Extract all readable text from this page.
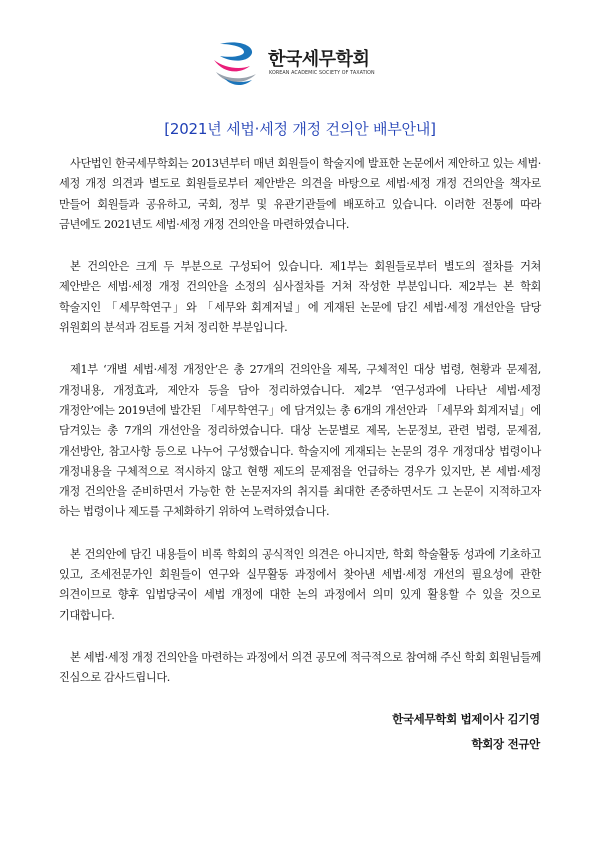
한국세무학회
KOREAN ACADEMIC SOCIETY OF TAXATION
[2021년 세법·세정 개정 건의안 배부안내]

사단법인 한국세무학회는 2013년부터 매년 회원들이 학술지에 발표한 논문에서 제안하고 있는 세법·세정 개정 의견과 별도로 회원들로부터 제안받은 의견을 바탕으로 세법·세정 개정 건의안을 책자로 만들어 회원들과 공유하고, 국회, 정부 및 유관기관들에 배포하고 있습니다. 이러한 전통에 따라 금년에도 2021년도 세법·세정 개정 건의안을 마련하였습니다.

본 건의안은 크게 두 부분으로 구성되어 있습니다. 제1부는 회원들로부터 별도의 절차를 거쳐 제안받은 세법·세정 개정 건의안을 소정의 심사절차를 거쳐 작성한 부분입니다. 제2부는 본 학회 학술지인 「세무학연구」와 「세무와 회계저널」에 게재된 논문에 담긴 세법·세정 개선안을 담당 위원회의 분석과 검토를 거쳐 정리한 부분입니다.

제1부 ‘개별 세법·세정 개정안’은 총 27개의 건의안을 제목, 구체적인 대상 법령, 현황과 문제점, 개정내용, 개정효과, 제안자 등을 담아 정리하였습니다. 제2부 ‘연구성과에 나타난 세법·세정 개정안’에는 2019년에 발간된 「세무학연구」에 담겨있는 총 6개의 개선안과 「세무와 회계저널」에 담겨있는 총 7개의 개선안을 정리하였습니다. 대상 논문별로 제목, 논문정보, 관련 법령, 문제점, 개선방안, 참고사항 등으로 나누어 구성했습니다. 학술지에 게재되는 논문의 경우 개정대상 법령이나 개정내용을 구체적으로 적시하지 않고 현행 제도의 문제점을 언급하는 경우가 있지만, 본 세법·세정 개정 건의안을 준비하면서 가능한 한 논문저자의 취지를 최대한 존중하면서도 그 논문이 지적하고자 하는 법령이나 제도를 구체화하기 위하여 노력하였습니다.

본 건의안에 담긴 내용들이 비록 학회의 공식적인 의견은 아니지만, 학회 학술활동 성과에 기초하고 있고, 조세전문가인 회원들이 연구와 실무활동 과정에서 찾아낸 세법·세정 개선의 필요성에 관한 의견이므로 향후 입법당국이 세법 개정에 대한 논의 과정에서 의미 있게 활용할 수 있을 것으로 기대합니다.

본 세법·세정 개정 건의안을 마련하는 과정에서 의견 공모에 적극적으로 참여해 주신 학회 회원님들께 진심으로 감사드립니다.

한국세무학회 법제이사 김기영
학회장 전규안
